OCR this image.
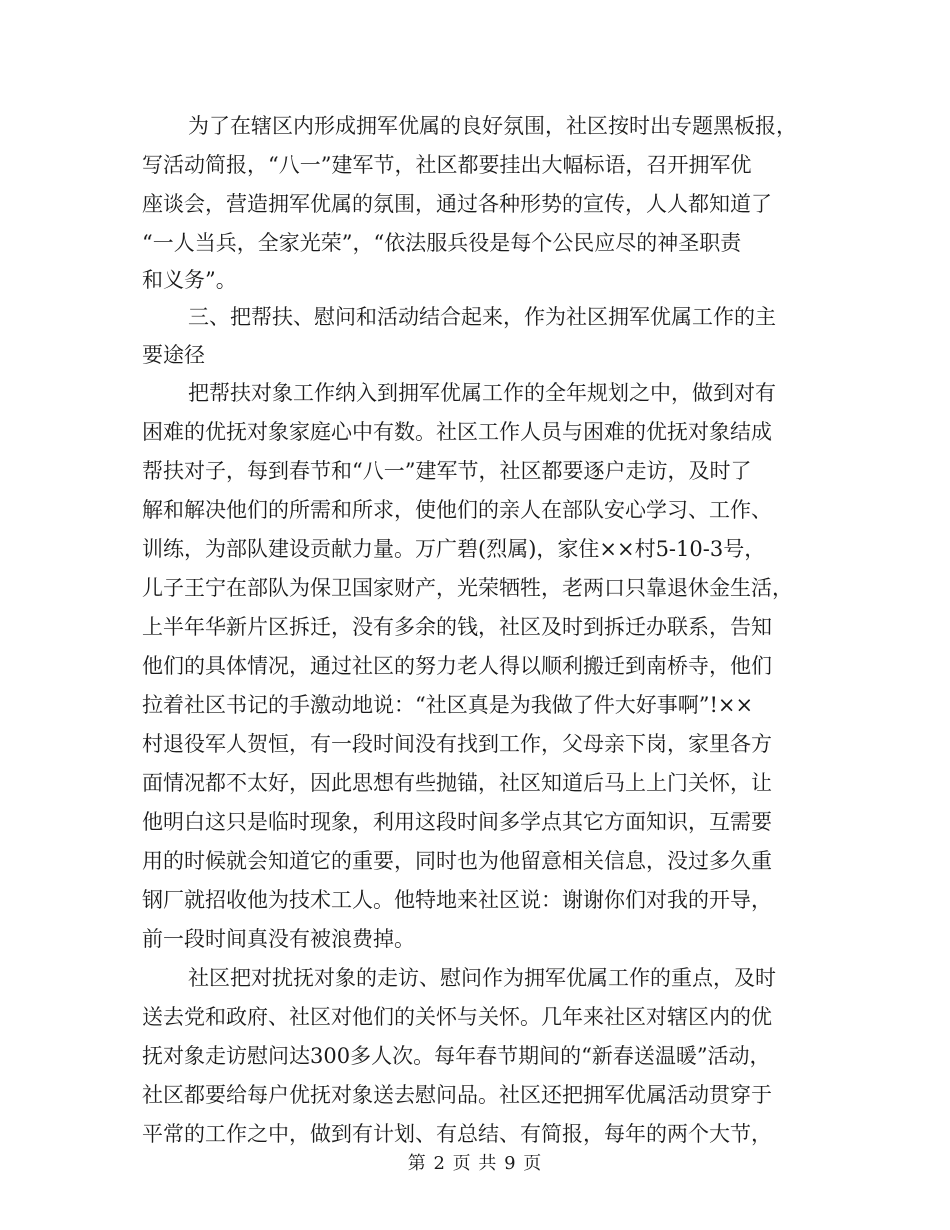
为了在辖区内形成拥军优属的良好氛围，社区按时出专题黑板报，
写活动简报，“八一”建军节，社区都要挂出大幅标语，召开拥军优
座谈会，营造拥军优属的氛围，通过各种形势的宣传，人人都知道了
“一人当兵，全家光荣”，“依法服兵役是每个公民应尽的神圣职责
和义务”。
三、把帮扶、慰问和活动结合起来，作为社区拥军优属工作的主
要途径
把帮扶对象工作纳入到拥军优属工作的全年规划之中，做到对有
困难的优抚对象家庭心中有数。社区工作人员与困难的优抚对象结成
帮扶对子，每到春节和“八一”建军节，社区都要逐户走访，及时了
解和解决他们的所需和所求，使他们的亲人在部队安心学习、工作、
训练，为部队建设贡献力量。万广碧(烈属)，家住××村5-10-3号，
儿子王宁在部队为保卫国家财产，光荣牺牲，老两口只靠退休金生活，
上半年华新片区拆迁，没有多余的钱，社区及时到拆迁办联系，告知
他们的具体情况，通过社区的努力老人得以顺利搬迁到南桥寺，他们
拉着社区书记的手激动地说：“社区真是为我做了件大好事啊”!××
村退役军人贺恒，有一段时间没有找到工作，父母亲下岗，家里各方
面情况都不太好，因此思想有些抛锚，社区知道后马上上门关怀，让
他明白这只是临时现象，利用这段时间多学点其它方面知识，互需要
用的时候就会知道它的重要，同时也为他留意相关信息，没过多久重
钢厂就招收他为技术工人。他特地来社区说：谢谢你们对我的开导，
前一段时间真没有被浪费掉。
社区把对扰抚对象的走访、慰问作为拥军优属工作的重点，及时
送去党和政府、社区对他们的关怀与关怀。几年来社区对辖区内的优
抚对象走访慰问达300多人次。每年春节期间的“新春送温暖”活动，
社区都要给每户优抚对象送去慰问品。社区还把拥军优属活动贯穿于
平常的工作之中，做到有计划、有总结、有简报，每年的两个大节，
第 2 页 共 9 页
